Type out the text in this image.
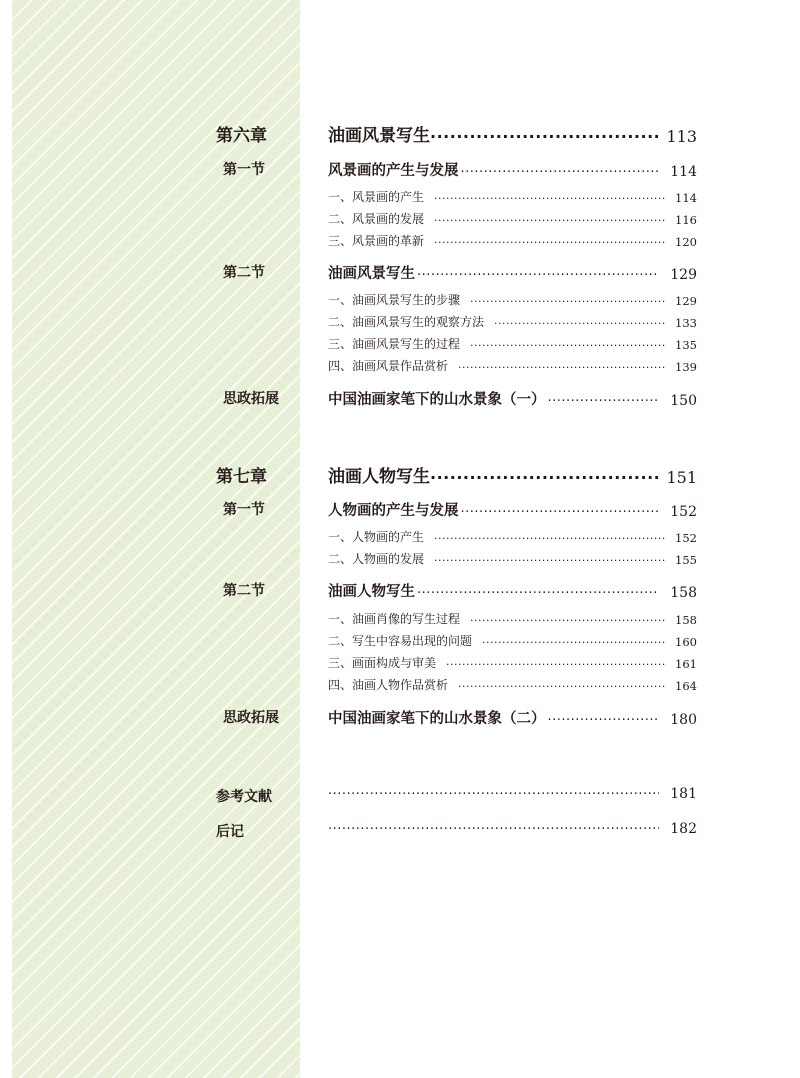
第六章	油画风景写生 ·····	113
第一节	风景画的产生与发展 ·····	114
一、风景画的产生 ·····	114
二、风景画的发展 ·····	116
三、风景画的革新 ·····	120
第二节	油画风景写生 ·····	129
一、油画风景写生的步骤 ·····	129
二、油画风景写生的观察方法 ·····	133
三、油画风景写生的过程 ·····	135
四、油画风景作品赏析 ·····	139
思政拓展	中国油画家笔下的山水景象（一） ·····	150
第七章	油画人物写生 ·····	151
第一节	人物画的产生与发展 ·····	152
一、人物画的产生 ·····	152
二、人物画的发展 ·····	155
第二节	油画人物写生 ·····	158
一、油画肖像的写生过程 ·····	158
二、写生中容易出现的问题 ·····	160
三、画面构成与审美 ·····	161
四、油画人物作品赏析 ·····	164
思政拓展	中国油画家笔下的山水景象（二） ·····	180
参考文献 ·····	181
后记 ·····	182
